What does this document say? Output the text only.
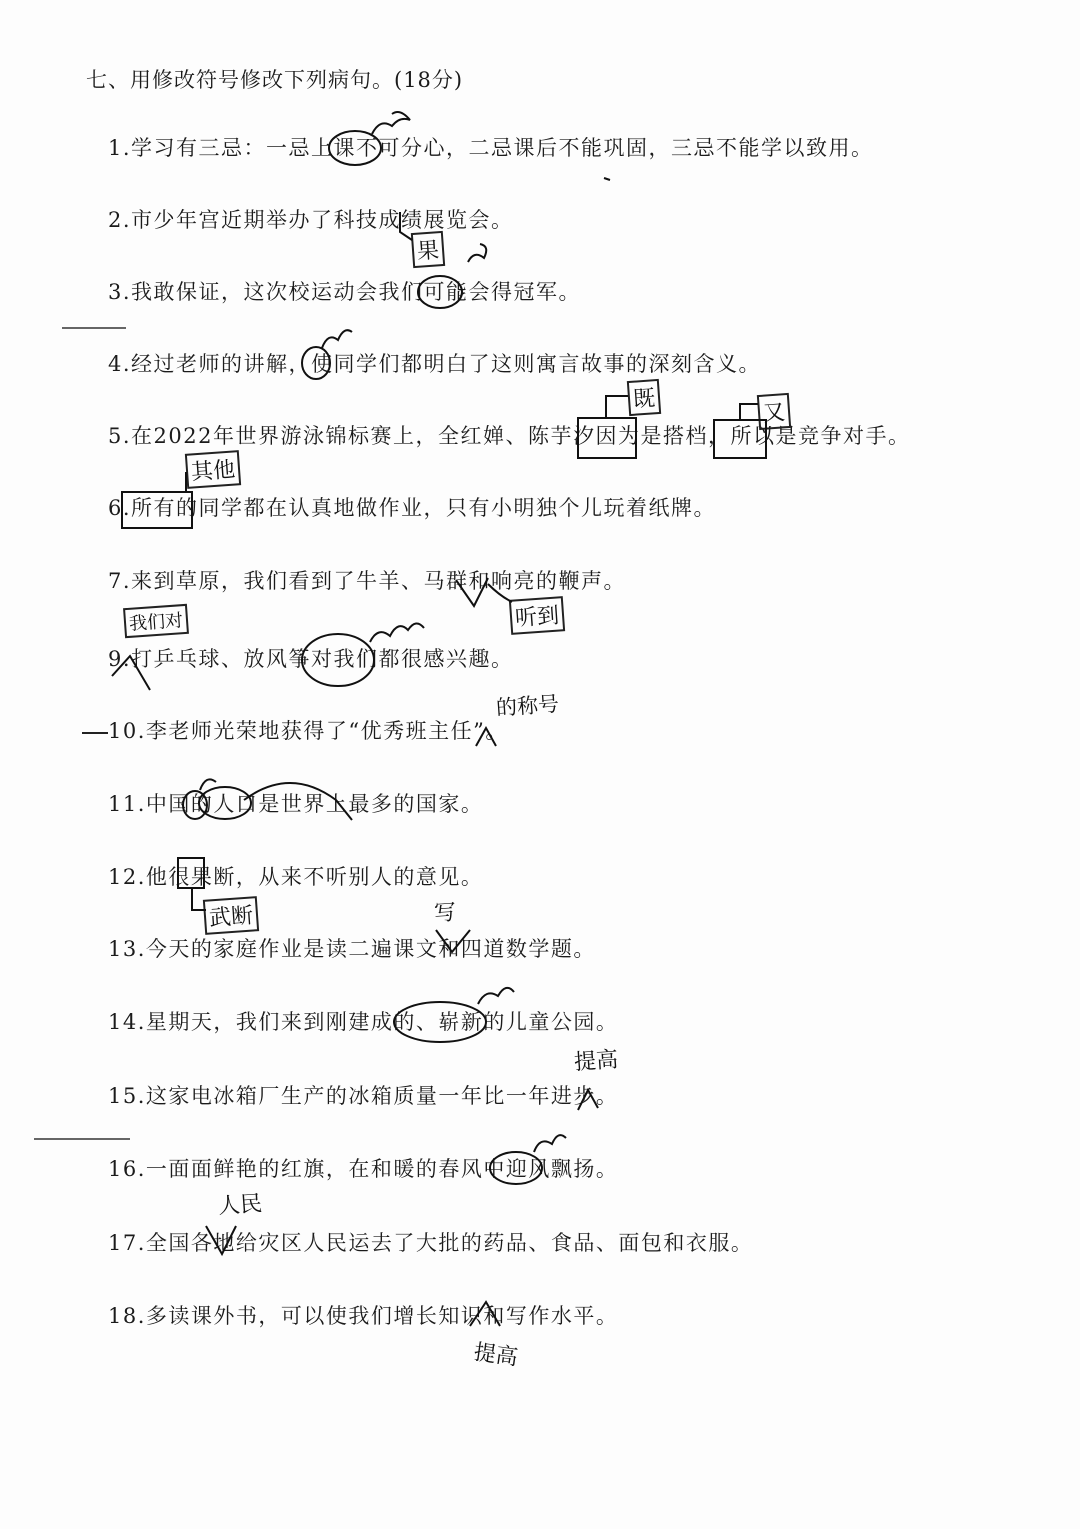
七、用修改符号修改下列病句。(18分)
1.学习有三忌：一忌上课不可分心，二忌课后不能巩固，三忌不能学以致用。
2.市少年宫近期举办了科技成绩展览会。
3.我敢保证，这次校运动会我们可能会得冠军。
4.经过老师的讲解，使同学们都明白了这则寓言故事的深刻含义。
5.在2022年世界游泳锦标赛上，全红婵、陈芋汐因为是搭档，所以是竞争对手。
6.所有的同学都在认真地做作业，只有小明独个儿玩着纸牌。
7.来到草原，我们看到了牛羊、马群和响亮的鞭声。
9.打乒乓球、放风筝对我们都很感兴趣。
10.李老师光荣地获得了“优秀班主任”。
11.中国的人口是世界上最多的国家。
12.他很果断，从来不听别人的意见。
13.今天的家庭作业是读二遍课文和四道数学题。
14.星期天，我们来到刚建成的、崭新的儿童公园。
15.这家电冰箱厂生产的冰箱质量一年比一年进步。
16.一面面鲜艳的红旗，在和暖的春风中迎风飘扬。
17.全国各地给灾区人民运去了大批的药品、食品、面包和衣服。
18.多读课外书，可以使我们增长知识和写作水平。
果
既
又
其他
听到
我们对
的称号
武断	写
提高
人民
提高
